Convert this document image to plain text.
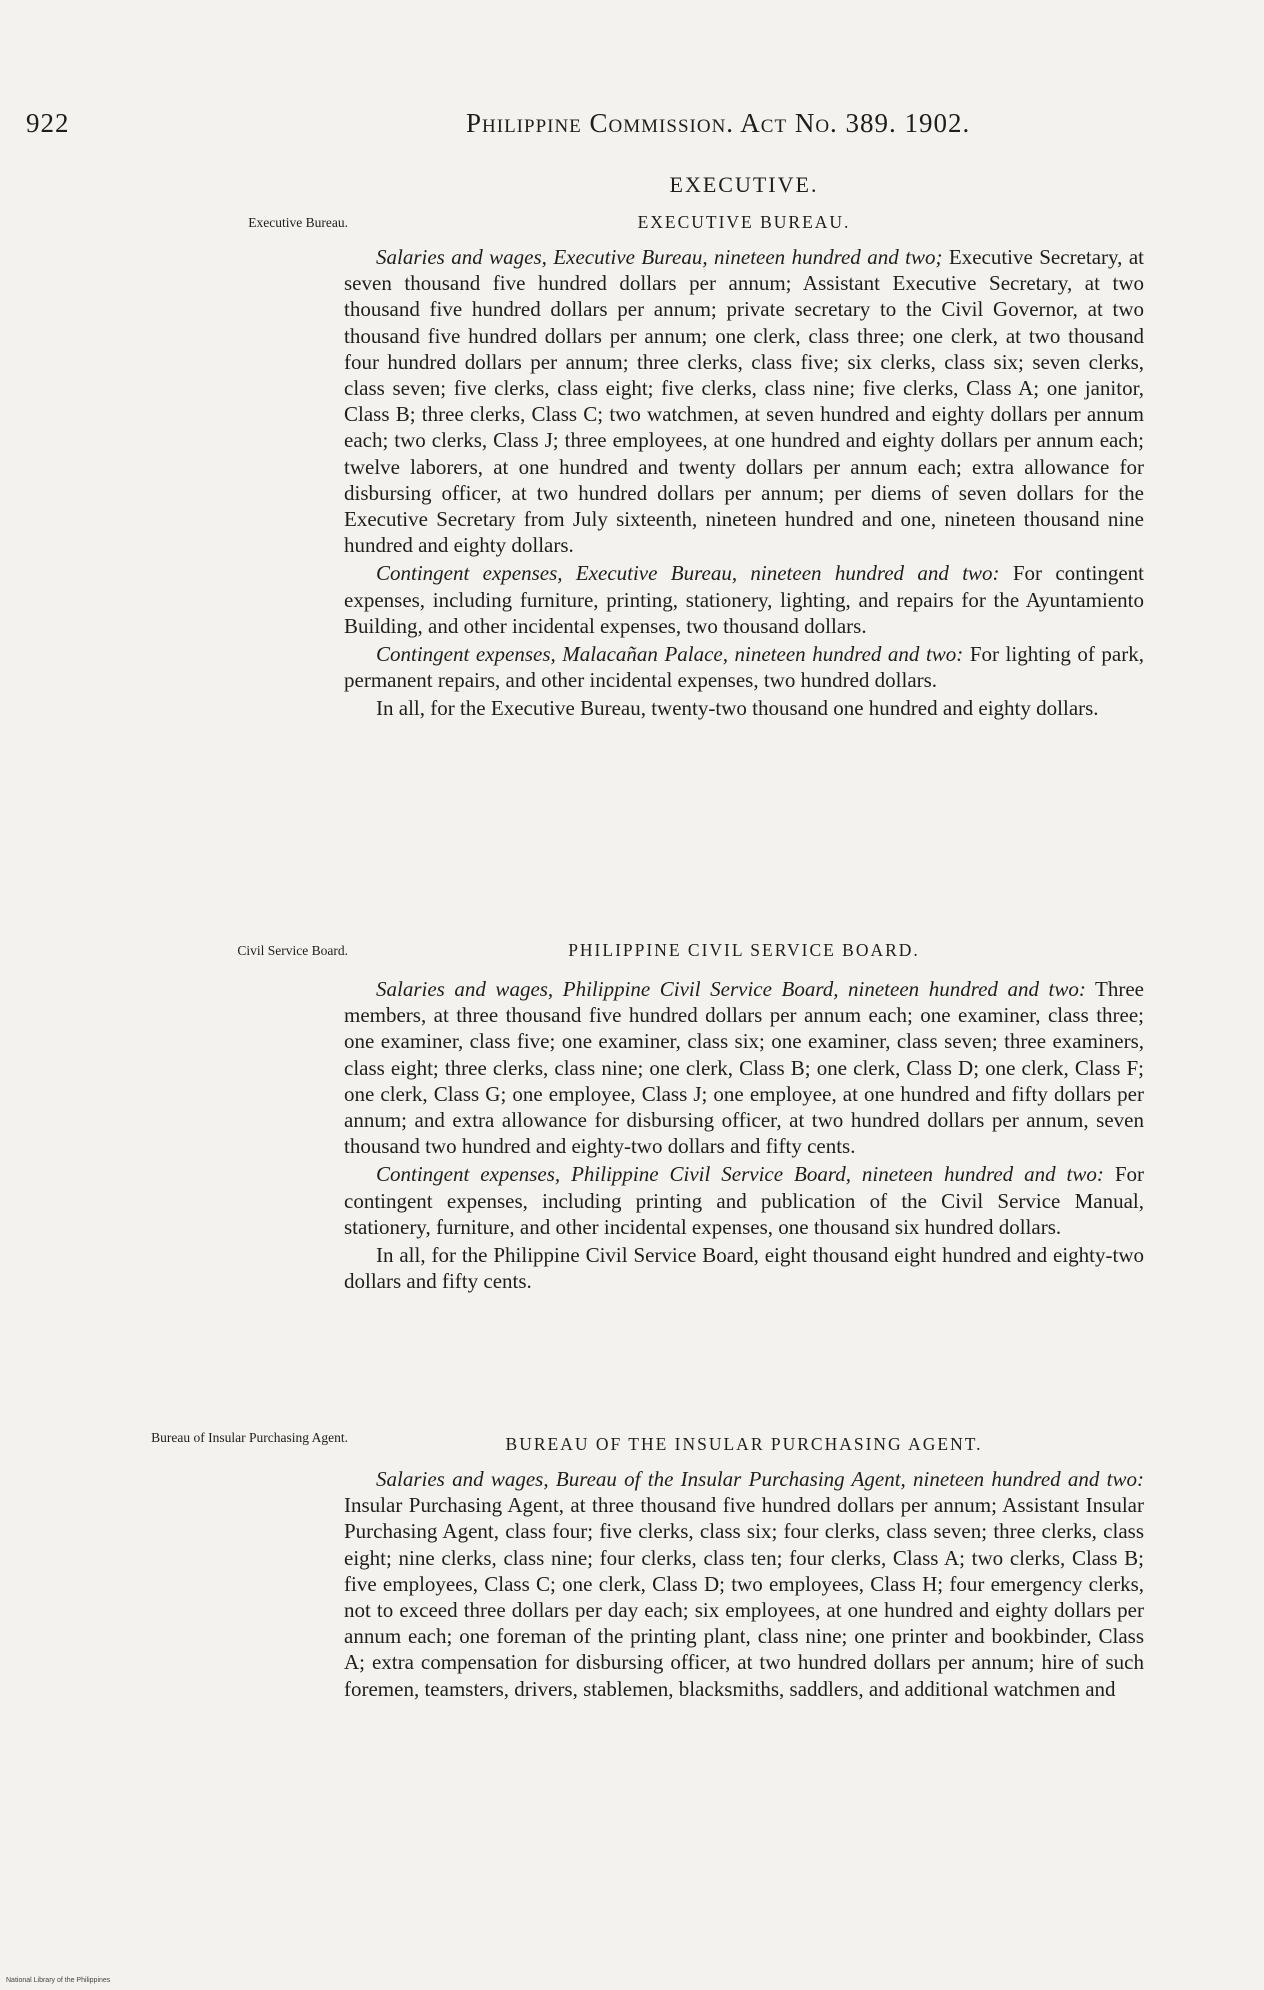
922	Philippine Commission. Act No. 389. 1902.
EXECUTIVE.
Executive Bureau.	EXECUTIVE BUREAU.

Salaries and wages, Executive Bureau, nineteen hundred and two; Executive Secretary, at seven thousand five hundred dollars per annum; Assistant Executive Secretary, at two thousand five hundred dollars per annum; private secretary to the Civil Governor, at two thousand five hundred dollars per annum; one clerk, class three; one clerk, at two thousand four hundred dollars per annum; three clerks, class five; six clerks, class six; seven clerks, class seven; five clerks, class eight; five clerks, class nine; five clerks, Class A; one janitor, Class B; three clerks, Class C; two watchmen, at seven hundred and eighty dollars per annum each; two clerks, Class J; three employees, at one hundred and eighty dollars per annum each; twelve laborers, at one hundred and twenty dollars per annum each; extra allowance for disbursing officer, at two hundred dollars per annum; per diems of seven dollars for the Executive Secretary from July sixteenth, nineteen hundred and one, nineteen thousand nine hundred and eighty dollars.

Contingent expenses, Executive Bureau, nineteen hundred and two: For contingent expenses, including furniture, printing, stationery, lighting, and repairs for the Ayuntamiento Building, and other incidental expenses, two thousand dollars.

Contingent expenses, Malacañan Palace, nineteen hundred and two: For lighting of park, permanent repairs, and other incidental expenses, two hundred dollars.

In all, for the Executive Bureau, twenty-two thousand one hundred and eighty dollars.

Civil Service Board.	PHILIPPINE CIVIL SERVICE BOARD.

Salaries and wages, Philippine Civil Service Board, nineteen hundred and two: Three members, at three thousand five hundred dollars per annum each; one examiner, class three; one examiner, class five; one examiner, class six; one examiner, class seven; three examiners, class eight; three clerks, class nine; one clerk, Class B; one clerk, Class D; one clerk, Class F; one clerk, Class G; one employee, Class J; one employee, at one hundred and fifty dollars per annum; and extra allowance for disbursing officer, at two hundred dollars per annum, seven thousand two hundred and eighty-two dollars and fifty cents.

Contingent expenses, Philippine Civil Service Board, nineteen hundred and two: For contingent expenses, including printing and publication of the Civil Service Manual, stationery, furniture, and other incidental expenses, one thousand six hundred dollars.

In all, for the Philippine Civil Service Board, eight thousand eight hundred and eighty-two dollars and fifty cents.

Bureau of Insular Purchasing Agent.	BUREAU OF THE INSULAR PURCHASING AGENT.

Salaries and wages, Bureau of the Insular Purchasing Agent, nineteen hundred and two: Insular Purchasing Agent, at three thousand five hundred dollars per annum; Assistant Insular Purchasing Agent, class four; five clerks, class six; four clerks, class seven; three clerks, class eight; nine clerks, class nine; four clerks, class ten; four clerks, Class A; two clerks, Class B; five employees, Class C; one clerk, Class D; two employees, Class H; four emergency clerks, not to exceed three dollars per day each; six employees, at one hundred and eighty dollars per annum each; one foreman of the printing plant, class nine; one printer and bookbinder, Class A; extra compensation for disbursing officer, at two hundred dollars per annum; hire of such foremen, teamsters, drivers, stablemen, blacksmiths, saddlers, and additional watchmen and

National Library of the Philippines
